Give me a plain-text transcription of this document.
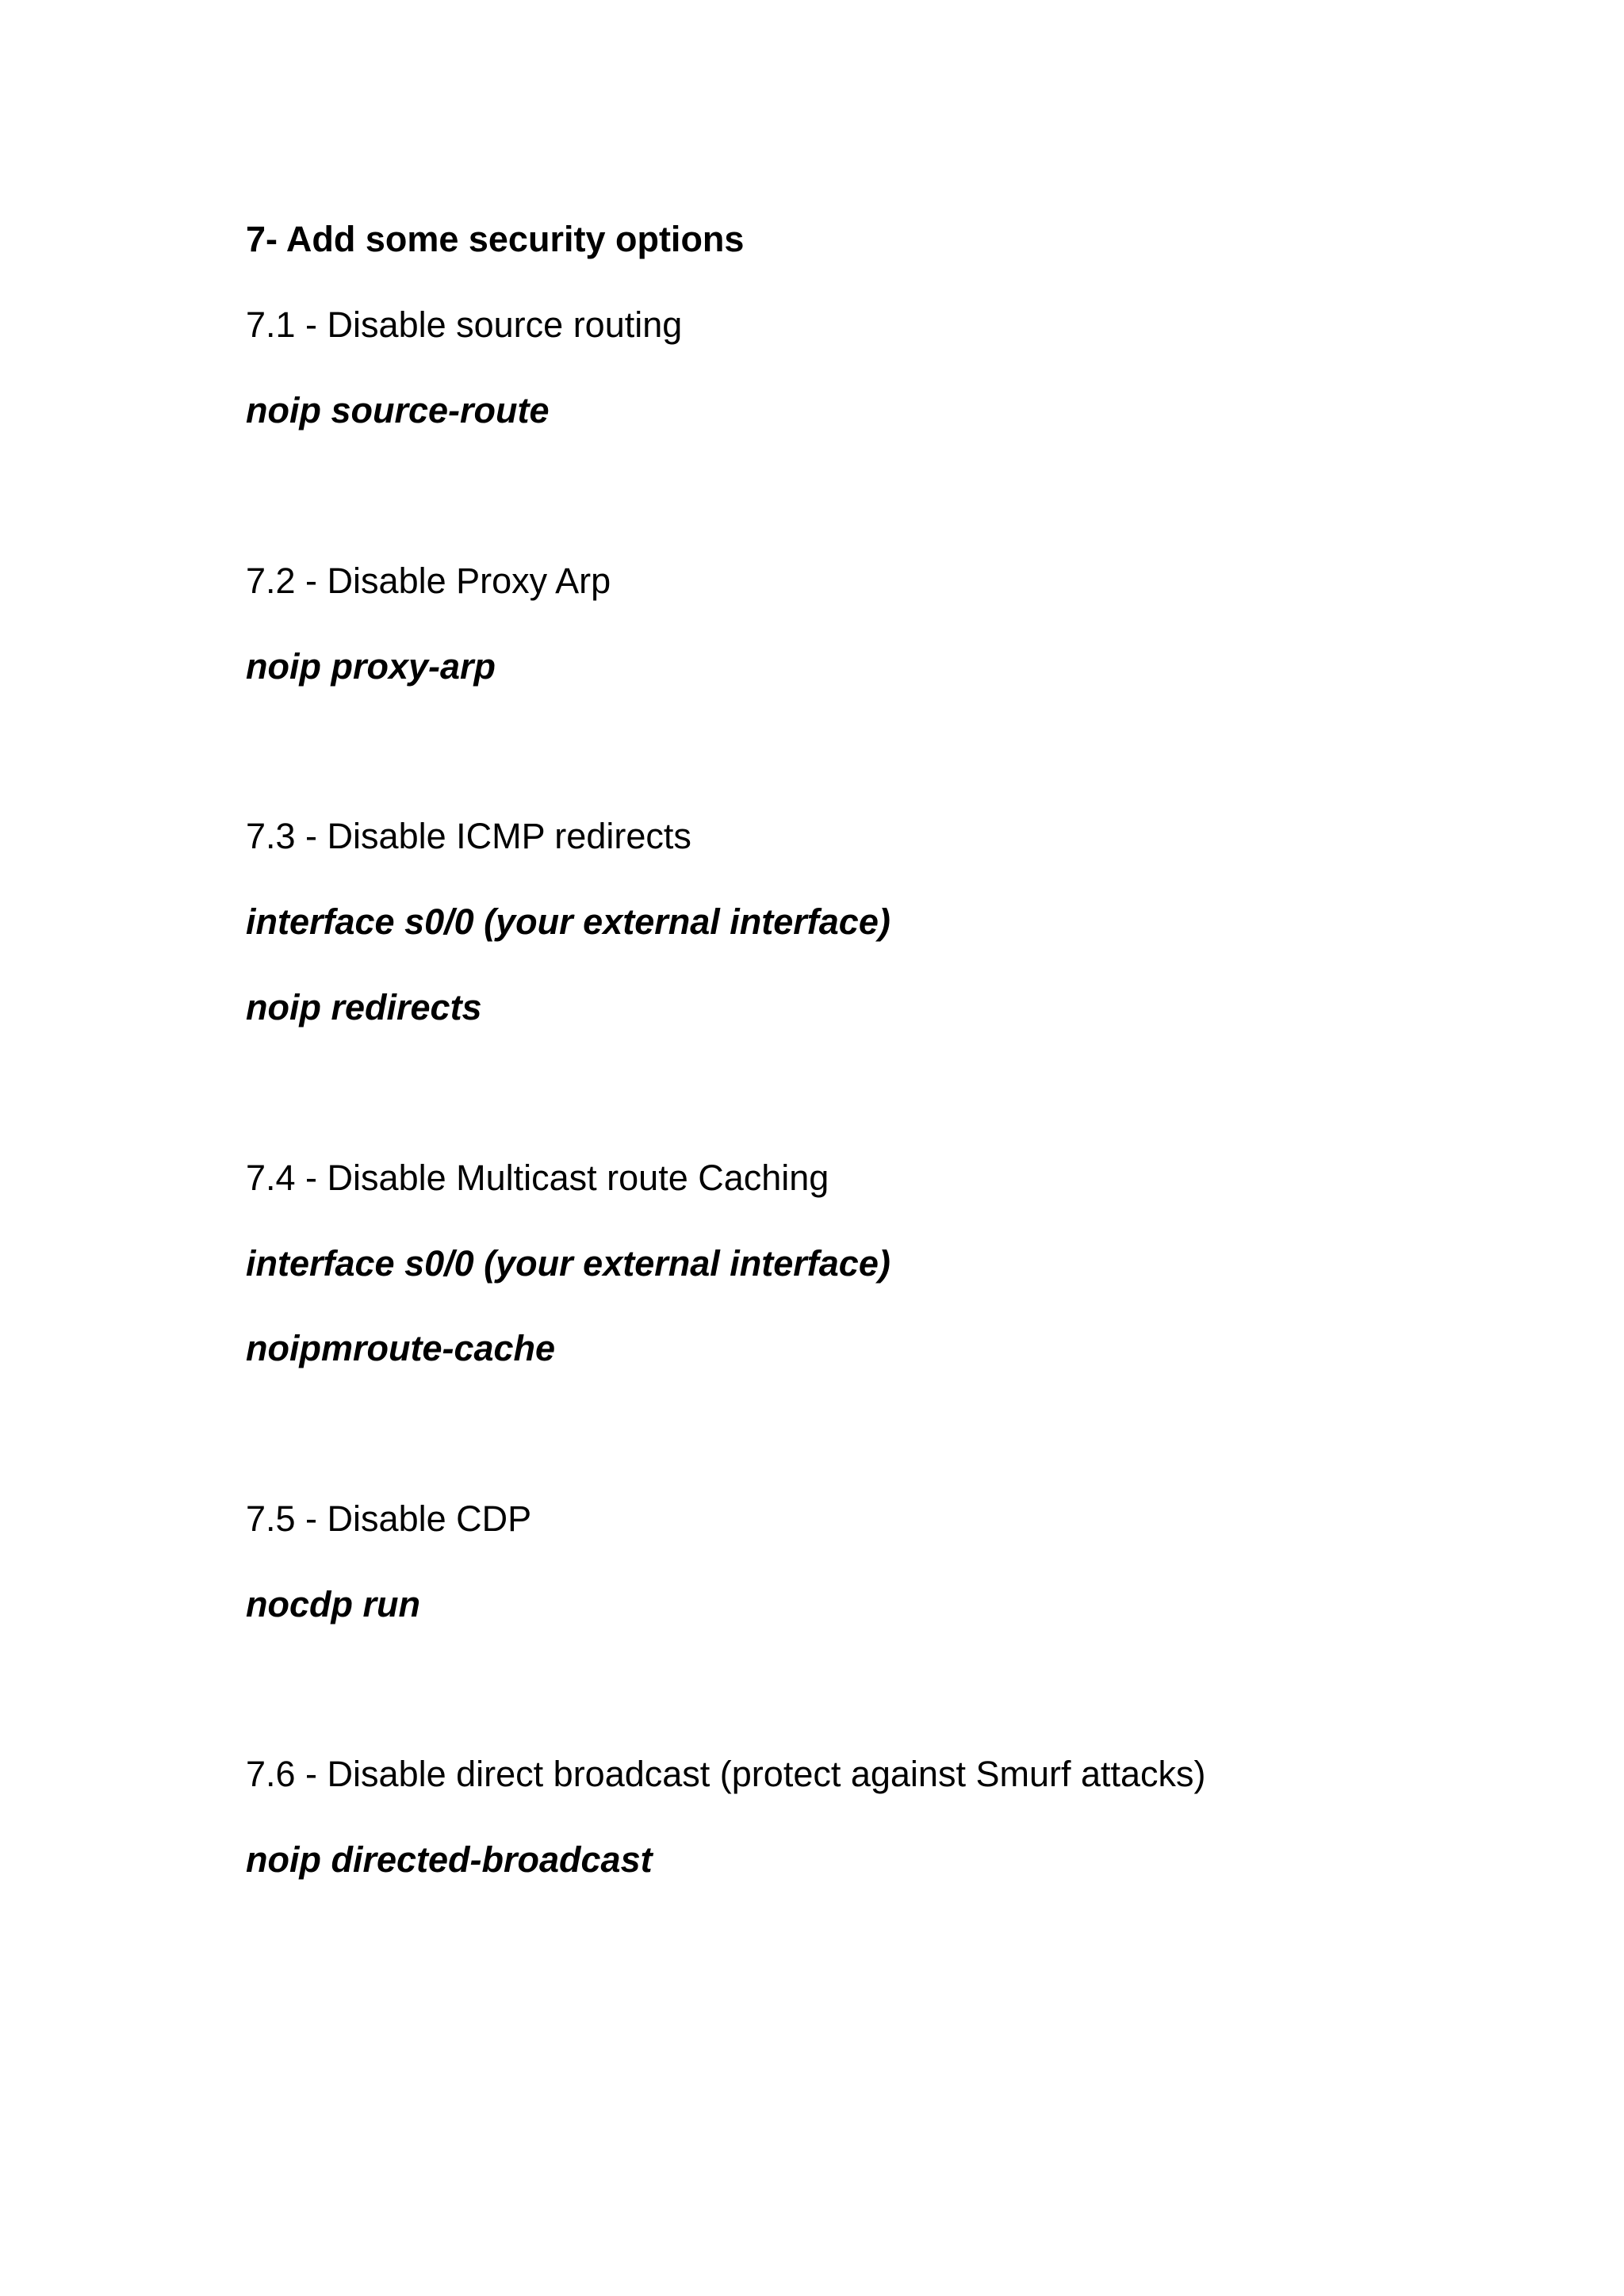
7- Add some security options
7.1 - Disable source routing
noip source-route
7.2 - Disable Proxy Arp
noip proxy-arp
7.3 - Disable ICMP redirects
interface s0/0 (your external interface)
noip redirects
7.4 - Disable Multicast route Caching
interface s0/0 (your external interface)
noipmroute-cache
7.5 - Disable CDP
nocdp run
7.6 - Disable direct broadcast (protect against Smurf attacks)
noip directed-broadcast
